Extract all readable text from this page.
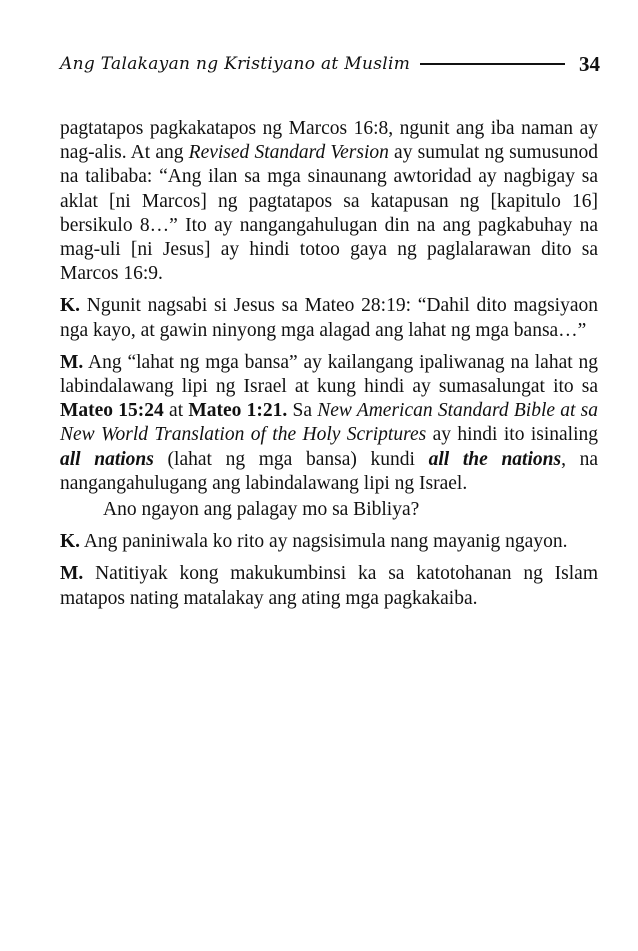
Ang Talakayan ng Kristiyano at Muslim	34

pagtatapos pagkakatapos ng Marcos 16:8, ngunit ang iba naman ay nag-alis. At ang Revised Standard Version ay sumulat ng sumusunod na talibaba: “Ang ilan sa mga sinaunang awtoridad ay nagbigay sa aklat [ni Marcos] ng pagtatapos sa katapusan ng [kapitulo 16] bersikulo 8…” Ito ay nangangahulugan din na ang pagkabuhay na mag-uli [ni Jesus] ay hindi totoo gaya ng paglalarawan dito sa Marcos 16:9.

K. Ngunit nagsabi si Jesus sa Mateo 28:19: “Dahil dito magsiyaon nga kayo, at gawin ninyong mga alagad ang lahat ng mga bansa…”

M. Ang “lahat ng mga bansa” ay kailangang ipaliwanag na lahat ng labindalawang lipi ng Israel at kung hindi ay sumasalungat ito sa Mateo 15:24 at Mateo 1:21. Sa New American Standard Bible at sa New World Translation of the Holy Scriptures ay hindi ito isinaling all nations (lahat ng mga bansa) kundi all the nations, na nangangahulugang ang labindalawang lipi ng Israel.

Ano ngayon ang palagay mo sa Bibliya?

K. Ang paniniwala ko rito ay nagsisimula nang mayanig ngayon.

M. Natitiyak kong makukumbinsi ka sa katotohanan ng Islam matapos nating matalakay ang ating mga pagkakaiba.
